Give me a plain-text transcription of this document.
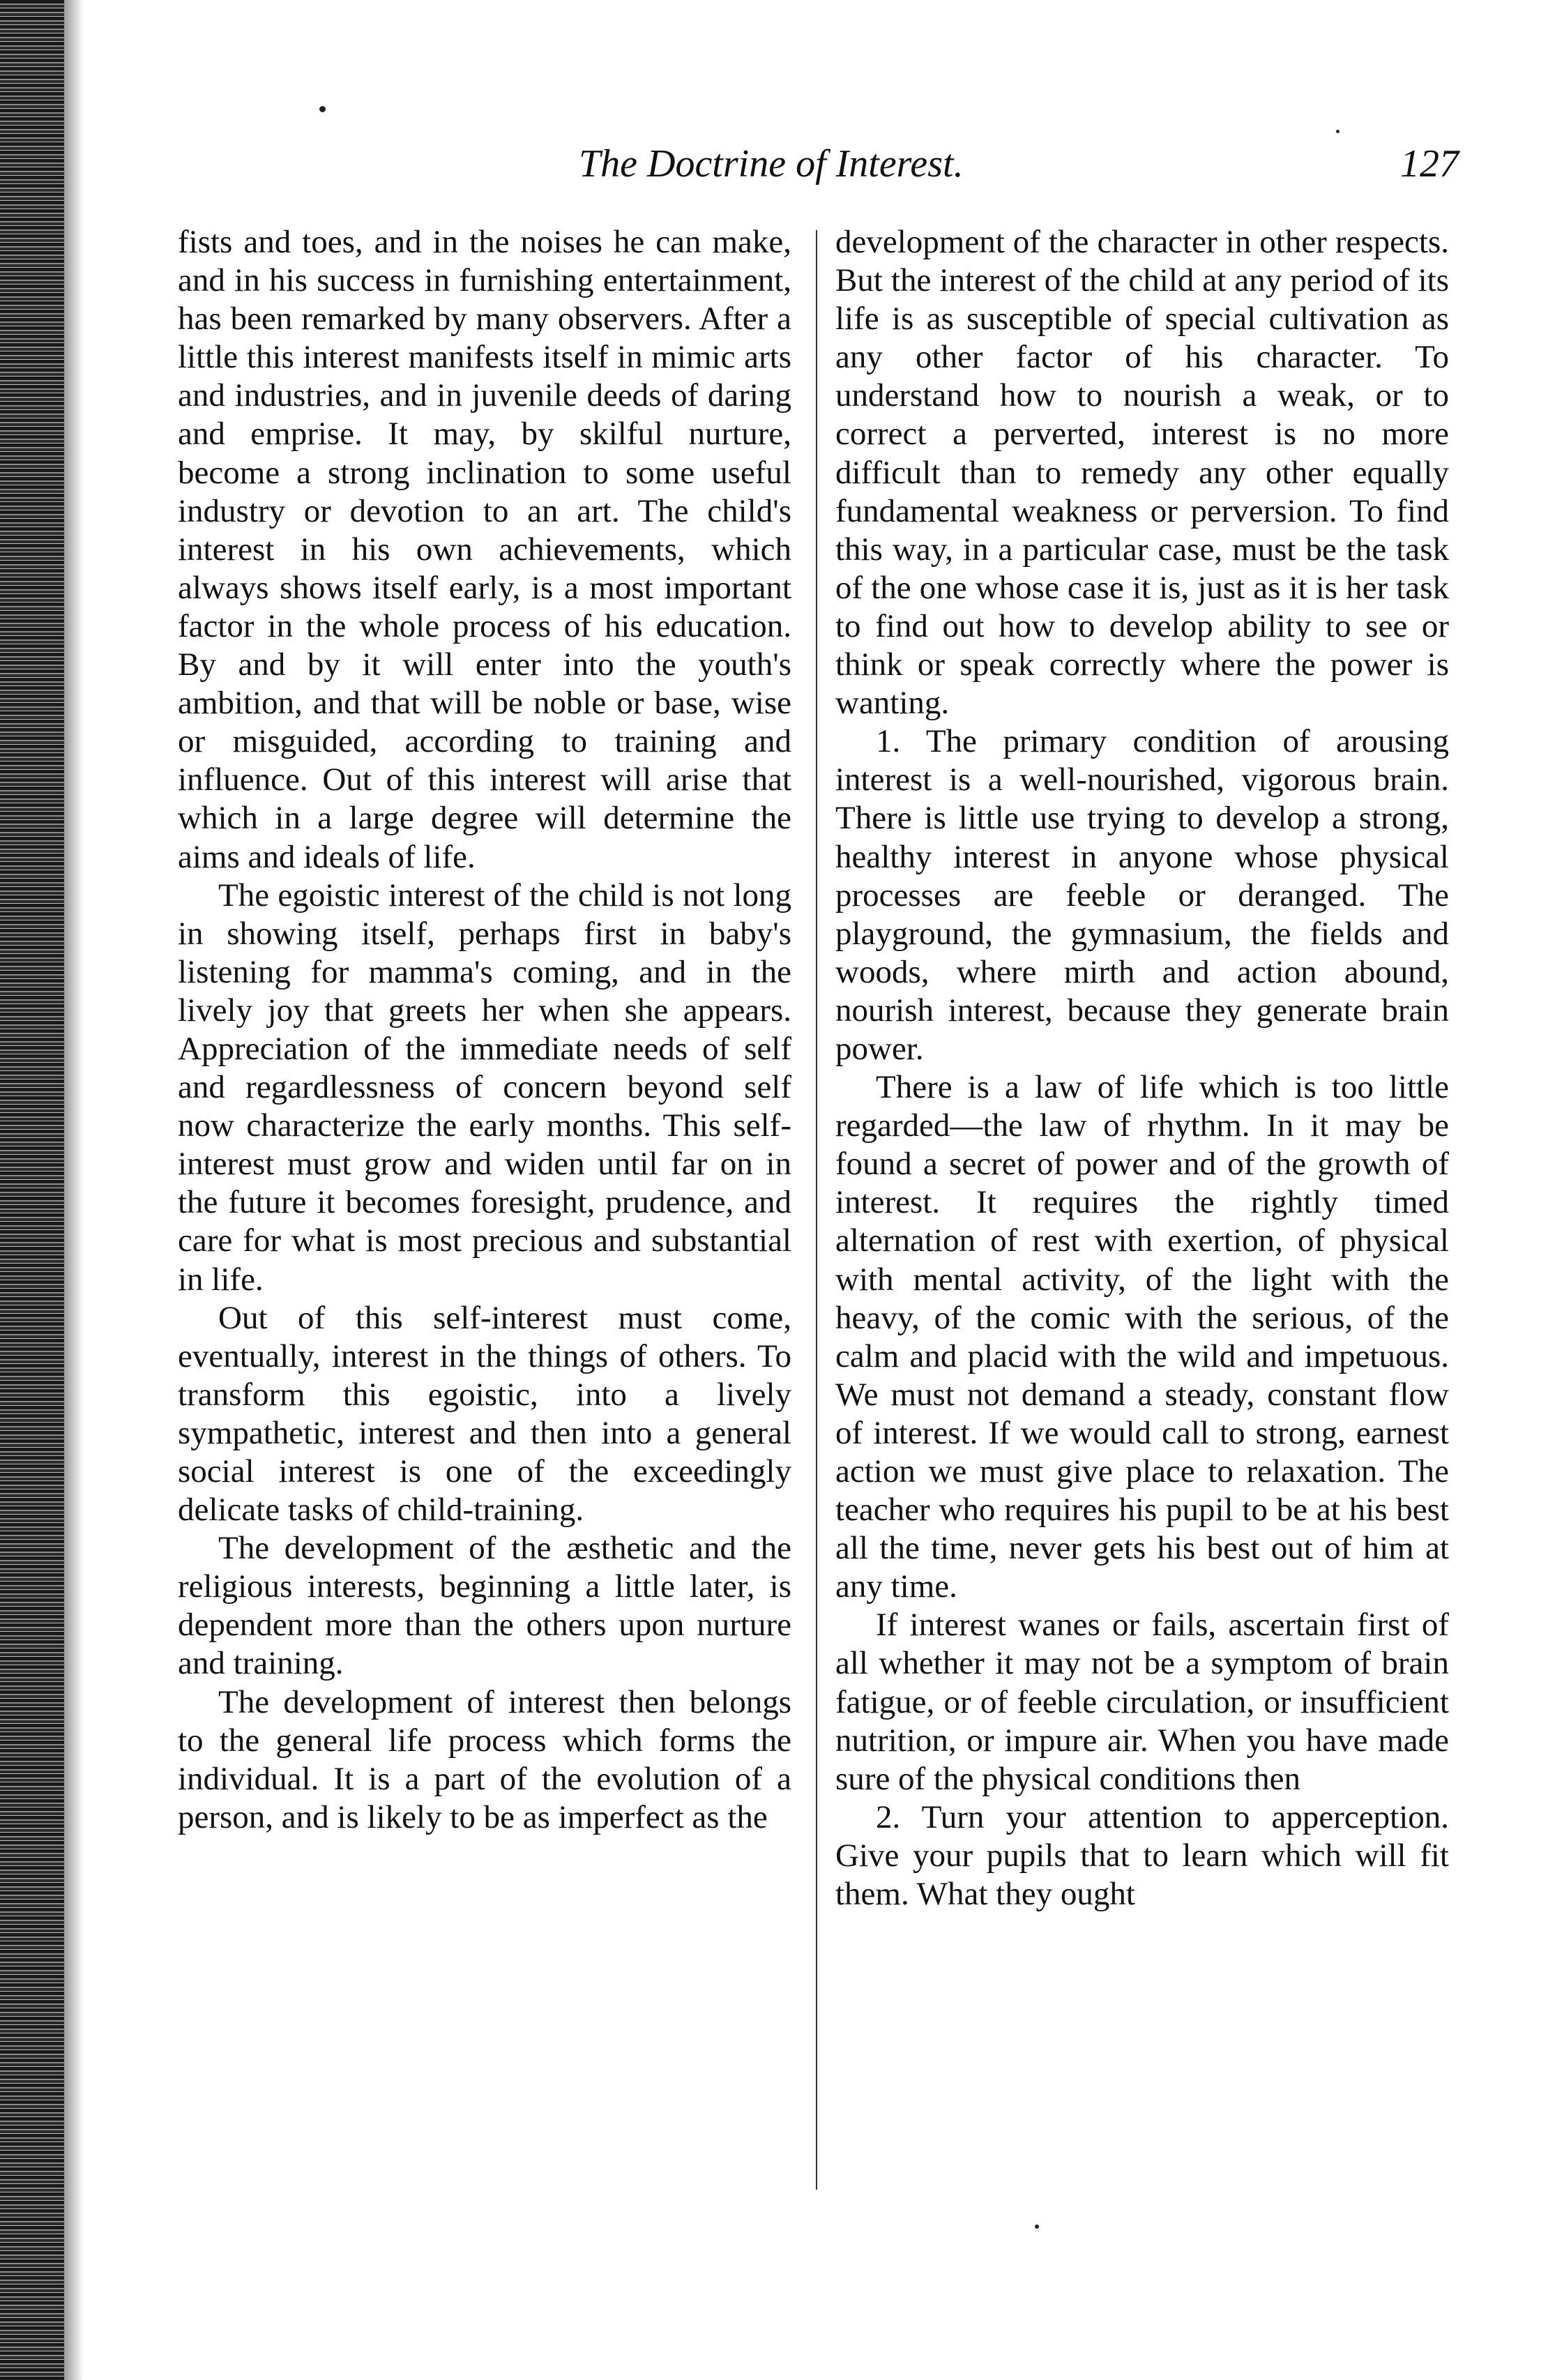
The Doctrine of Interest.	127

fists and toes, and in the noises he can make, and in his success in furnishing entertainment, has been remarked by many observers. After a little this interest manifests itself in mimic arts and industries, and in juvenile deeds of daring and emprise. It may, by skilful nurture, become a strong inclination to some useful industry or devotion to an art. The child's interest in his own achievements, which always shows itself early, is a most important factor in the whole process of his education. By and by it will enter into the youth's ambition, and that will be noble or base, wise or misguided, according to training and influence. Out of this interest will arise that which in a large degree will determine the aims and ideals of life.

The egoistic interest of the child is not long in showing itself, perhaps first in baby's listening for mamma's coming, and in the lively joy that greets her when she appears. Appreciation of the immediate needs of self and regardlessness of concern beyond self now characterize the early months. This self-interest must grow and widen until far on in the future it becomes foresight, prudence, and care for what is most precious and substantial in life.

Out of this self-interest must come, eventually, interest in the things of others. To transform this egoistic, into a lively sympathetic, interest and then into a general social interest is one of the exceedingly delicate tasks of child-training.

The development of the æsthetic and the religious interests, beginning a little later, is dependent more than the others upon nurture and training.

The development of interest then belongs to the general life process which forms the individual. It is a part of the evolution of a person, and is likely to be as imperfect as the

development of the character in other respects. But the interest of the child at any period of its life is as susceptible of special cultivation as any other factor of his character. To understand how to nourish a weak, or to correct a perverted, interest is no more difficult than to remedy any other equally fundamental weakness or perversion. To find this way, in a particular case, must be the task of the one whose case it is, just as it is her task to find out how to develop ability to see or think or speak correctly where the power is wanting.

1. The primary condition of arousing interest is a well-nourished, vigorous brain. There is little use trying to develop a strong, healthy interest in anyone whose physical processes are feeble or deranged. The playground, the gymnasium, the fields and woods, where mirth and action abound, nourish interest, because they generate brain power.

There is a law of life which is too little regarded—the law of rhythm. In it may be found a secret of power and of the growth of interest. It requires the rightly timed alternation of rest with exertion, of physical with mental activity, of the light with the heavy, of the comic with the serious, of the calm and placid with the wild and impetuous. We must not demand a steady, constant flow of interest. If we would call to strong, earnest action we must give place to relaxation. The teacher who requires his pupil to be at his best all the time, never gets his best out of him at any time.

If interest wanes or fails, ascertain first of all whether it may not be a symptom of brain fatigue, or of feeble circulation, or insufficient nutrition, or impure air. When you have made sure of the physical conditions then

2. Turn your attention to apperception. Give your pupils that to learn which will fit them. What they ought
